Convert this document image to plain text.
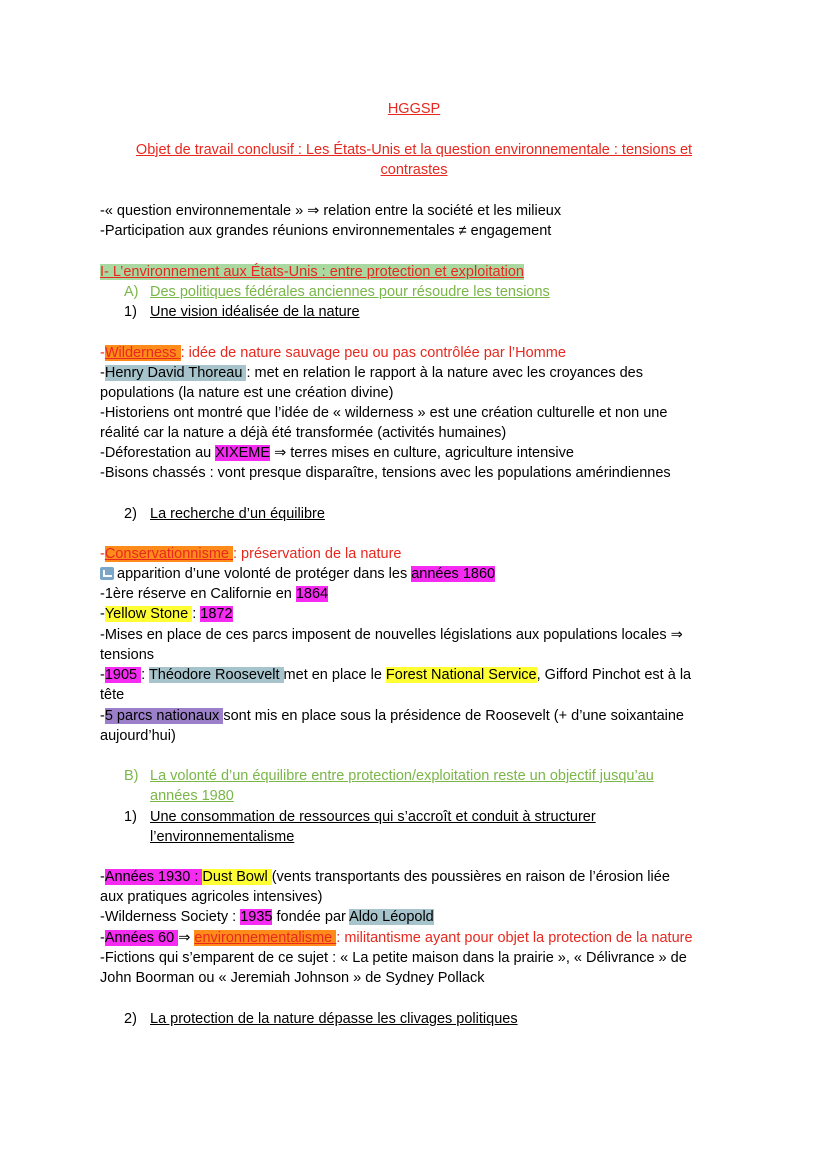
HGGSP
Objet de travail conclusif : Les États-Unis et la question environnementale : tensions et
contrastes
-« question environnementale » ⇒ relation entre la société et les milieux
-Participation aux grandes réunions environnementales ≠ engagement
I- L’environnement aux États-Unis : entre protection et exploitation
A) Des politiques fédérales anciennes pour résoudre les tensions
1) Une vision idéalisée de la nature
-Wilderness : idée de nature sauvage peu ou pas contrôlée par l’Homme
-Henry David Thoreau : met en relation le rapport à la nature avec les croyances des
populations (la nature est une création divine)
-Historiens ont montré que l’idée de « wilderness » est une création culturelle et non une
réalité car la nature a déjà été transformée (activités humaines)
-Déforestation au XIXEME ⇒ terres mises en culture, agriculture intensive
-Bisons chassés : vont presque disparaître, tensions avec les populations amérindiennes
2) La recherche d’un équilibre
-Conservationnisme : préservation de la nature
apparition d’une volonté de protéger dans les années 1860
-1ère réserve en Californie en 1864
-Yellow Stone : 1872
-Mises en place de ces parcs imposent de nouvelles législations aux populations locales ⇒
tensions
-1905 : Théodore Roosevelt met en place le Forest National Service, Gifford Pinchot est à la
tête
-5 parcs nationaux sont mis en place sous la présidence de Roosevelt (+ d’une soixantaine
aujourd’hui)
B) La volonté d’un équilibre entre protection/exploitation reste un objectif jusqu’au
années 1980
1) Une consommation de ressources qui s’accroît et conduit à structurer
l’environnementalisme
-Années 1930 : Dust Bowl (vents transportants des poussières en raison de l’érosion liée
aux pratiques agricoles intensives)
-Wilderness Society : 1935 fondée par Aldo Léopold
-Années 60 ⇒ environnementalisme : militantisme ayant pour objet la protection de la nature
-Fictions qui s’emparent de ce sujet : « La petite maison dans la prairie », « Délivrance » de
John Boorman ou « Jeremiah Johnson » de Sydney Pollack
2) La protection de la nature dépasse les clivages politiques
